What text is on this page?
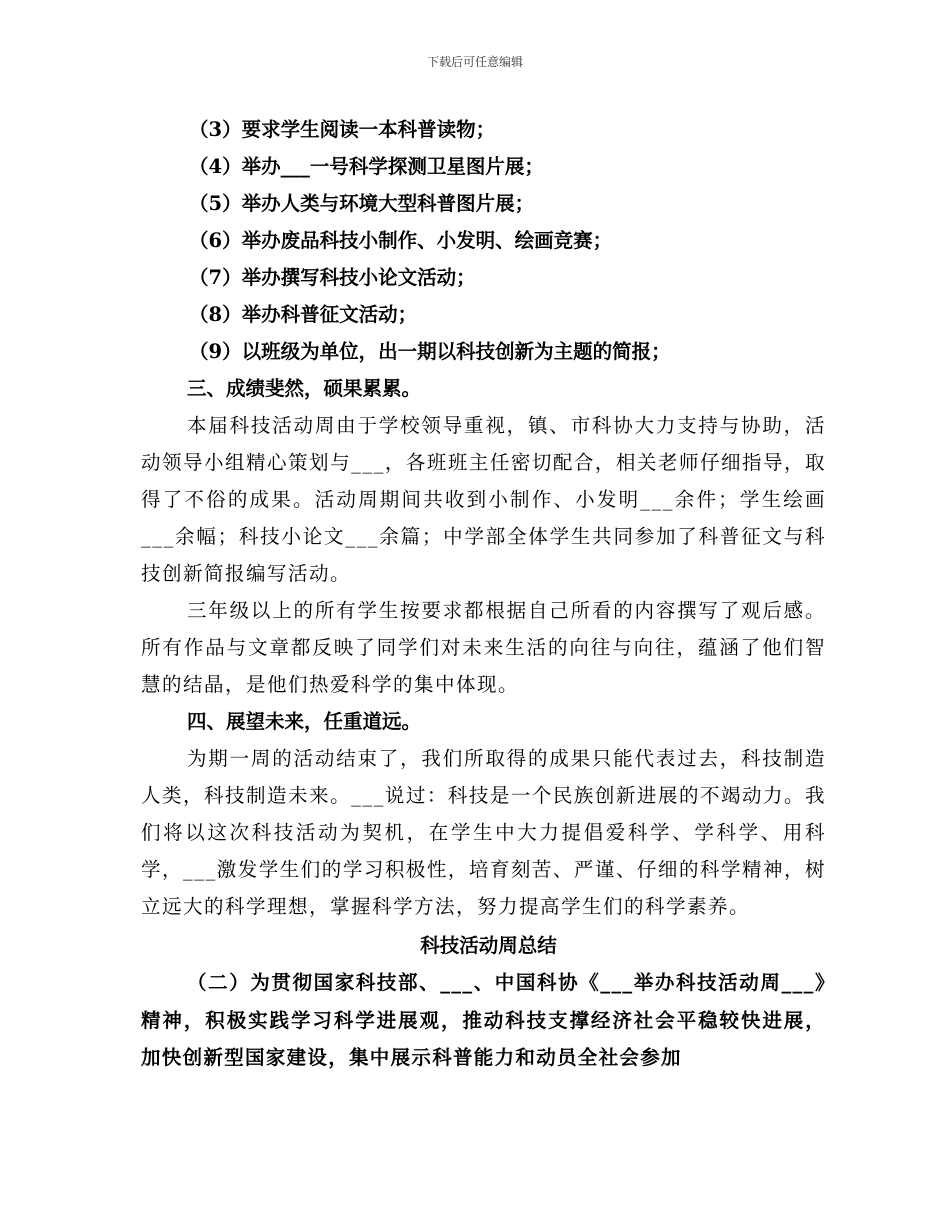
下载后可任意编辑

（3）要求学生阅读一本科普读物；

（4）举办___一号科学探测卫星图片展；

（5）举办人类与环境大型科普图片展；

（6）举办废品科技小制作、小发明、绘画竞赛；

（7）举办撰写科技小论文活动；

（8）举办科普征文活动；

（9）以班级为单位，出一期以科技创新为主题的简报；

三、成绩斐然，硕果累累。

本届科技活动周由于学校领导重视，镇、市科协大力支持与协助，活动领导小组精心策划与___，各班班主任密切配合，相关老师仔细指导，取得了不俗的成果。活动周期间共收到小制作、小发明___余件；学生绘画___余幅；科技小论文___余篇；中学部全体学生共同参加了科普征文与科技创新简报编写活动。

三年级以上的所有学生按要求都根据自己所看的内容撰写了观后感。所有作品与文章都反映了同学们对未来生活的向往与向往，蕴涵了他们智慧的结晶，是他们热爱科学的集中体现。

四、展望未来，任重道远。

为期一周的活动结束了，我们所取得的成果只能代表过去，科技制造人类，科技制造未来。___说过：科技是一个民族创新进展的不竭动力。我们将以这次科技活动为契机，在学生中大力提倡爱科学、学科学、用科学，___激发学生们的学习积极性，培育刻苦、严谨、仔细的科学精神，树立远大的科学理想，掌握科学方法，努力提高学生们的科学素养。

科技活动周总结

（二）为贯彻国家科技部、___、中国科协《___举办科技活动周___》精神，积极实践学习科学进展观，推动科技支撑经济社会平稳较快进展，加快创新型国家建设，集中展示科普能力和动员全社会参加
